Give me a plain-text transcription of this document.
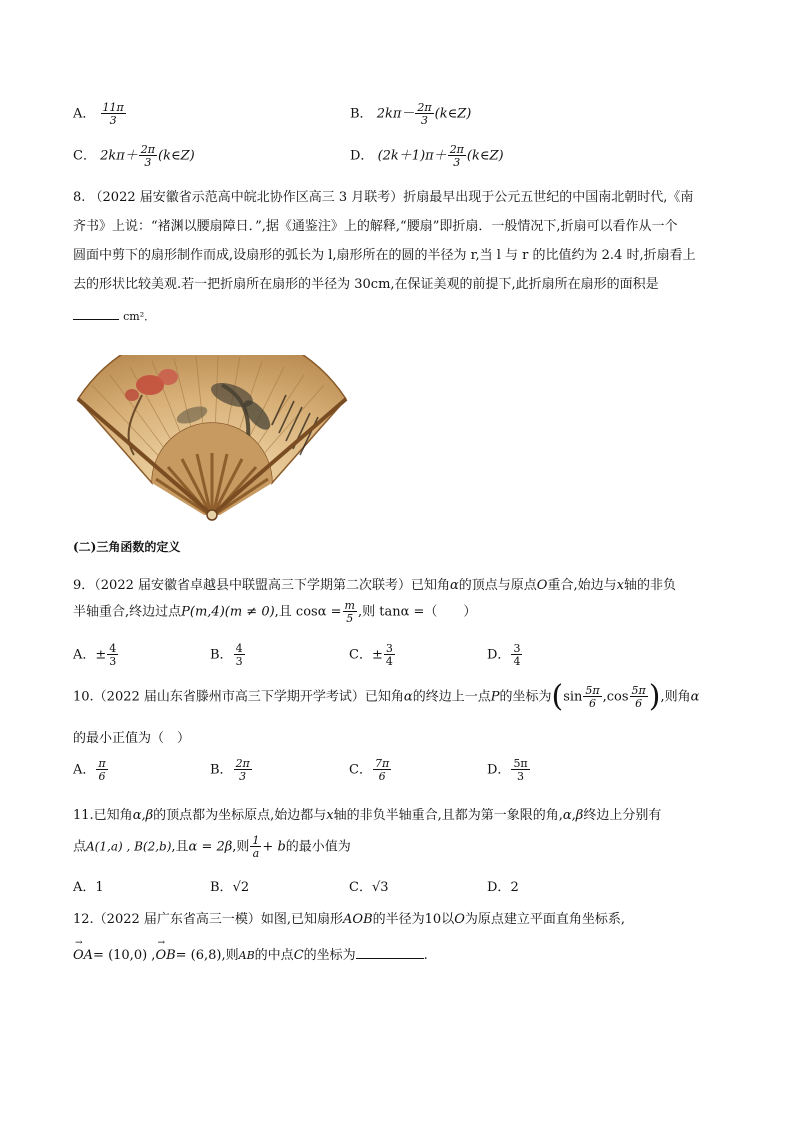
A． $\frac{11\pi}{3}$	B． $2k\pi- \frac{2\pi}{3}$ (k∈Z)
C． $2k\pi+ \frac{2\pi}{3}$ (k∈Z)	D． $(2k+1)\pi+ \frac{2\pi}{3}$ (k∈Z)
8. （2022 届安徽省示范高中皖北协作区高三 3 月联考）折扇最早出现于公元五世纪的中国南北朝时代,《南
齐书》上说：“褚渊以腰扇障日．”,据《通鉴注》上的解释,“腰扇”即折扇．一般情况下,折扇可以看作从一个
圆面中剪下的扇形制作而成,设扇形的弧长为 l,扇形所在的圆的半径为 r,当 l 与 r 的比值约为 2.4 时,折扇看上
去的形状比较美观.若一把折扇所在扇形的半径为 30cm,在保证美观的前提下,此折扇所在扇形的面积是
cm²．
(二)三角函数的定义
9．（2022 届安徽省卓越县中联盟高三下学期第二次联考）已知角α的顶点与原点O重合,始边与x轴的非负
半轴重合,终边过点P(m,4)(m ≠ 0),且 $\cos\alpha = \frac{m}{5}$ ,则 tanα =（　　）
A．± $\frac{4}{3}$	B． $\frac{4}{3}$	C．± $\frac{3}{4}$	D． $\frac{3}{4}$
10.（2022 届山东省滕州市高三下学期开学考试）已知角α的终边上一点P的坐标为($\sin \frac{5\pi}{6} ,\cos \frac{5\pi}{6}$ ),则角α
的最小正值为（　）
A． $\frac{\pi}{6}$	B． $\frac{2\pi}{3}$	C． $\frac{7\pi}{6}$	D． $\frac{5\pi}{3}$
11.已知角α,β的顶点都为坐标原点,始边都与x轴的非负半轴重合,且都为第一象限的角,α,β终边上分别有
点A(1,a) , B(2,b),且α = 2β,则 $\frac{1}{a} + b$的最小值为
A．1	B．√2	C．√3	D．2
12.（2022 届广东省高三一模）如图,已知扇形AOB的半径为10以O为原点建立平面直角坐标系,
→ OA= (10,0) ,→ OB= (6,8),则AB的中点C的坐标为	.
